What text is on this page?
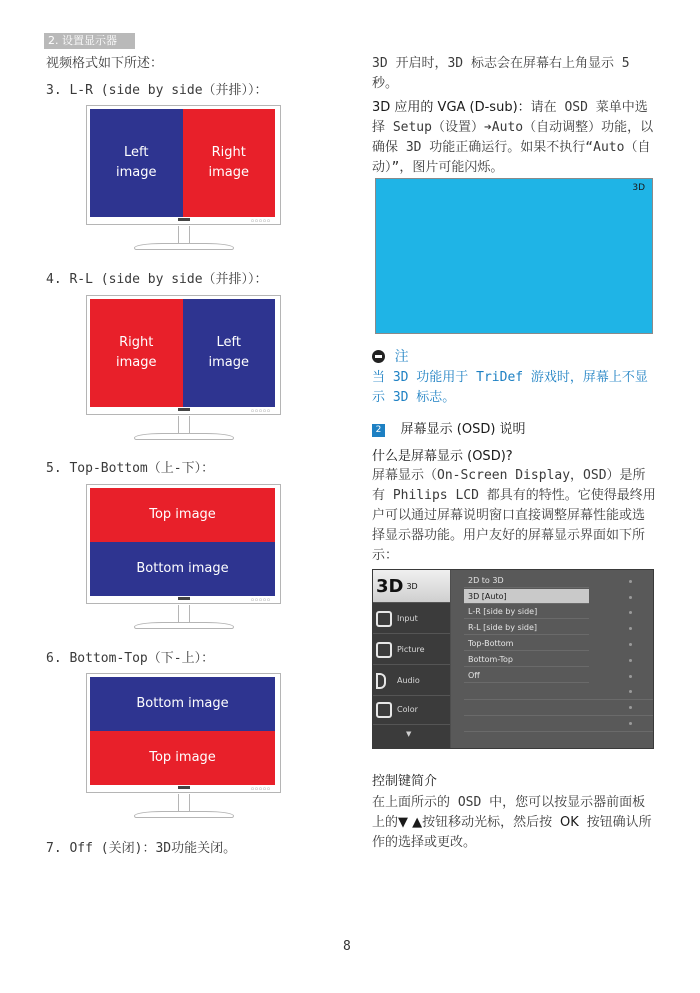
2. 设置显示器
视频格式如下所述：
3. L-R (side by side（并排））：
Left
image
Right
image
▫▫▫▫▫
4. R-L (side by side（并排））：
Right
image
Left
image
▫▫▫▫▫
5. Top-Bottom（上-下）：
Top image
Bottom image
▫▫▫▫▫
6. Bottom-Top（下-上）：
Bottom image
Top image
▫▫▫▫▫
7. Off (关闭)：3D功能关闭。
3D 开启时，3D 标志会在屏幕右上角显示 5 秒。
3D 应用的 VGA (D-sub)：请在 OSD 菜单中选择 Setup（设置）➔Auto（自动调整）功能，以确保 3D 功能正确运行。如果不执行“Auto（自动）”，图片可能闪烁。
3D
注
当 3D 功能用于 TriDef 游戏时，屏幕上不显示 3D 标志。
2 屏幕显示 (OSD) 说明
什么是屏幕显示 (OSD)?
屏幕显示（On-Screen Display，OSD）是所有 Philips LCD 都具有的特性。它使得最终用户可以通过屏幕说明窗口直接调整屏幕性能或选择显示器功能。用户友好的屏幕显示界面如下所示：
3D 3D
Input
Picture
Audio
Color
▼
2D to 3D
3D [Auto]
L-R [side by side]
R-L [side by side]
Top-Bottom
Bottom-Top
Off
控制键简介
在上面所示的 OSD 中，您可以按显示器前面板上的▼ ▲按钮移动光标，然后按 OK 按钮确认所作的选择或更改。
8
